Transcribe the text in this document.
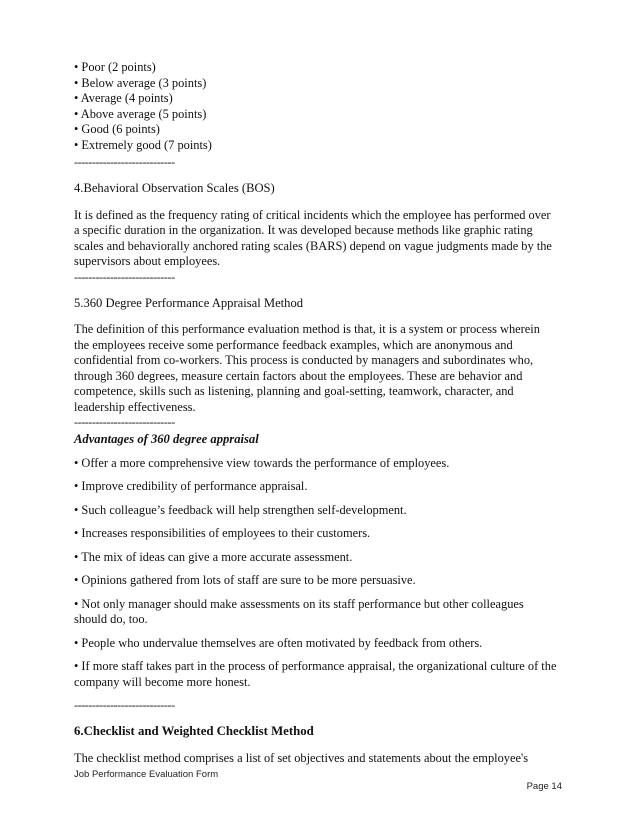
• Poor (2 points)
• Below average (3 points)
• Average (4 points)
• Above average (5 points)
• Good (6 points)
• Extremely good (7 points)
----------------------------
4.Behavioral Observation Scales (BOS)
It is defined as the frequency rating of critical incidents which the employee has performed over
a specific duration in the organization. It was developed because methods like graphic rating
scales and behaviorally anchored rating scales (BARS) depend on vague judgments made by the
supervisors about employees.
----------------------------
5.360 Degree Performance Appraisal Method
The definition of this performance evaluation method is that, it is a system or process wherein
the employees receive some performance feedback examples, which are anonymous and
confidential from co-workers. This process is conducted by managers and subordinates who,
through 360 degrees, measure certain factors about the employees. These are behavior and
competence, skills such as listening, planning and goal-setting, teamwork, character, and
leadership effectiveness.
----------------------------
Advantages of 360 degree appraisal
• Offer a more comprehensive view towards the performance of employees.
• Improve credibility of performance appraisal.
• Such colleague’s feedback will help strengthen self-development.
• Increases responsibilities of employees to their customers.
• The mix of ideas can give a more accurate assessment.
• Opinions gathered from lots of staff are sure to be more persuasive.
• Not only manager should make assessments on its staff performance but other colleagues
should do, too.
• People who undervalue themselves are often motivated by feedback from others.
• If more staff takes part in the process of performance appraisal, the organizational culture of the
company will become more honest.
----------------------------
6.Checklist and Weighted Checklist Method
The checklist method comprises a list of set objectives and statements about the employee's
Job Performance Evaluation Form
Page 14
